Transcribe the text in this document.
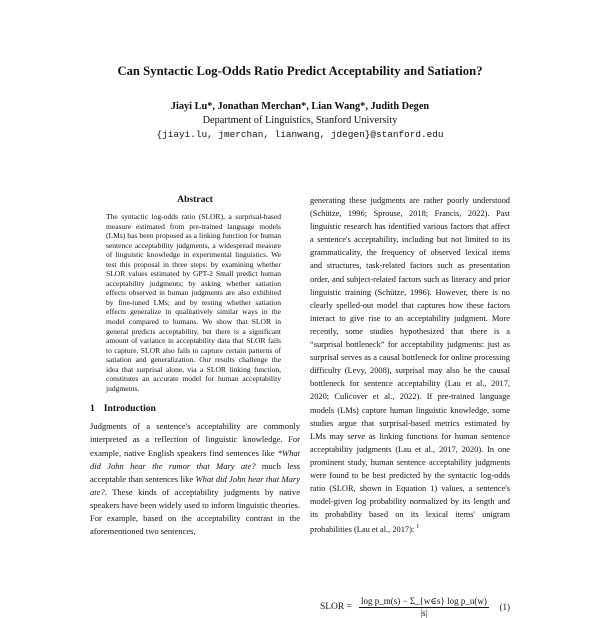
Can Syntactic Log-Odds Ratio Predict Acceptability and Satiation?
Jiayi Lu*, Jonathan Merchan*, Lian Wang*, Judith Degen
Department of Linguistics, Stanford University
{jiayi.lu, jmerchan, lianwang, jdegen}@stanford.edu
Abstract

The syntactic log-odds ratio (SLOR), a surprisal-based measure estimated from pre-trained language models (LMs) has been proposed as a linking function for human sentence acceptability judgments, a widespread measure of linguistic knowledge in experimental linguistics. We test this proposal in three steps: by examining whether SLOR values estimated by GPT-2 Small predict human acceptability judgments; by asking whether satiation effects observed in human judgments are also exhibited by fine-tuned LMs; and by testing whether satiation effects generalize in qualitatively similar ways in the model compared to humans. We show that SLOR in general predicts acceptability, but there is a significant amount of variance in acceptability data that SLOR fails to capture. SLOR also fails to capture certain patterns of satiation and generalization. Our results challenge the idea that surprisal alone, via a SLOR linking function, constitutes an accurate model for human acceptability judgments.

1 Introduction

Judgments of a sentence's acceptability are commonly interpreted as a reflection of linguistic knowledge. For example, native English speakers find sentences like *What did John hear the rumor that Mary ate? much less acceptable than sentences like What did John hear that Mary ate?. These kinds of acceptability judgments by native speakers have been widely used to inform linguistic theories. For example, based on the acceptability contrast in the aforementioned two sentences,

generating these judgments are rather poorly understood (Schütze, 1996; Sprouse, 2018; Francis, 2022). Past linguistic research has identified various factors that affect a sentence's acceptability, including but not limited to its grammaticality, the frequency of observed lexical items and structures, task-related factors such as presentation order, and subject-related factors such as literacy and prior linguistic training (Schütze, 1996). However, there is no clearly spelled-out model that captures how these factors interact to give rise to an acceptability judgment. More recently, some studies hypothesized that there is a “surprisal bottleneck” for acceptability judgments: just as surprisal serves as a causal bottleneck for online processing difficulty (Levy, 2008), surprisal may also be the causal bottleneck for sentence acceptability (Lau et al., 2017, 2020; Culicover et al., 2022). If pre-trained language models (LMs) capture human linguistic knowledge, some studies argue that surprisal-based metrics estimated by LMs may serve as linking functions for human sentence acceptability judgments (Lau et al., 2017, 2020). In one prominent study, human sentence acceptability judgments were found to be best predicted by the syntactic log-odds ratio (SLOR, shown in Equation 1) values, a sentence's model-given log probability normalized by its length and its probability based on its lexical items' unigram probabilities (Lau et al., 2017): $^1$

SLOR = $\frac{\text{log p\_m(s) − Σ\_\{w∈s\} log p\_u(w)}}{|s|} (1)$
